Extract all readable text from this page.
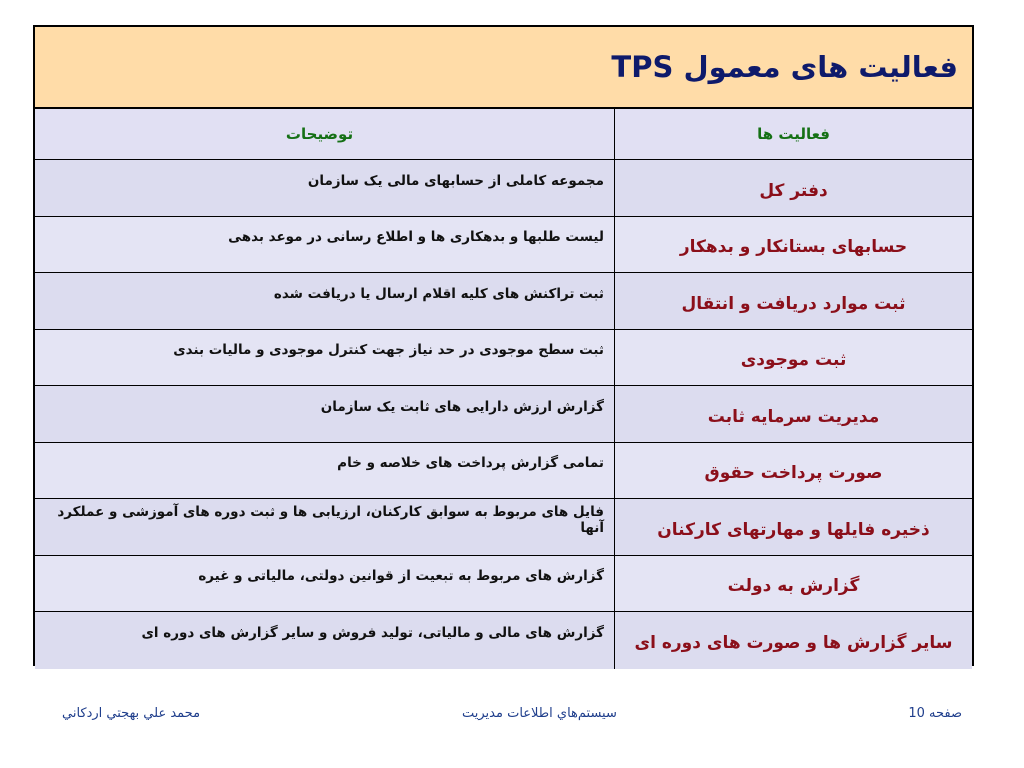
فعالیت های معمول TPS
فعالیت ها
توضیحات
دفتر کل
مجموعه کاملی از حسابهای مالی یک سازمان
حسابهای بستانکار و بدهکار
لیست طلبها و بدهکاری ها و اطلاع رسانی در موعد بدهی
ثبت موارد دریافت و انتقال
ثبت تراکنش های کلیه اقلام ارسال یا دریافت شده
ثبت موجودی
ثبت سطح موجودی در حد نیاز جهت کنترل موجودی و مالیات بندی
مدیریت سرمایه ثابت
گزارش ارزش دارایی های ثابت یک سازمان
صورت پرداخت حقوق
تمامی گزارش پرداخت های خلاصه و خام
ذخیره فایلها و مهارتهای کارکنان
فایل های مربوط به سوابق کارکنان، ارزیابی ها و ثبت دوره های آموزشی و عملکرد آنها
گزارش به دولت
گزارش های مربوط به تبعیت از قوانین دولتی، مالیاتی و غیره
سایر گزارش ها و صورت های دوره ای
گزارش های مالی و مالیاتی، تولید فروش و سایر گزارش های دوره ای
صفحه 10
سيستم‌هاي اطلاعات مديريت
محمد علي بهجتي اردكاني
